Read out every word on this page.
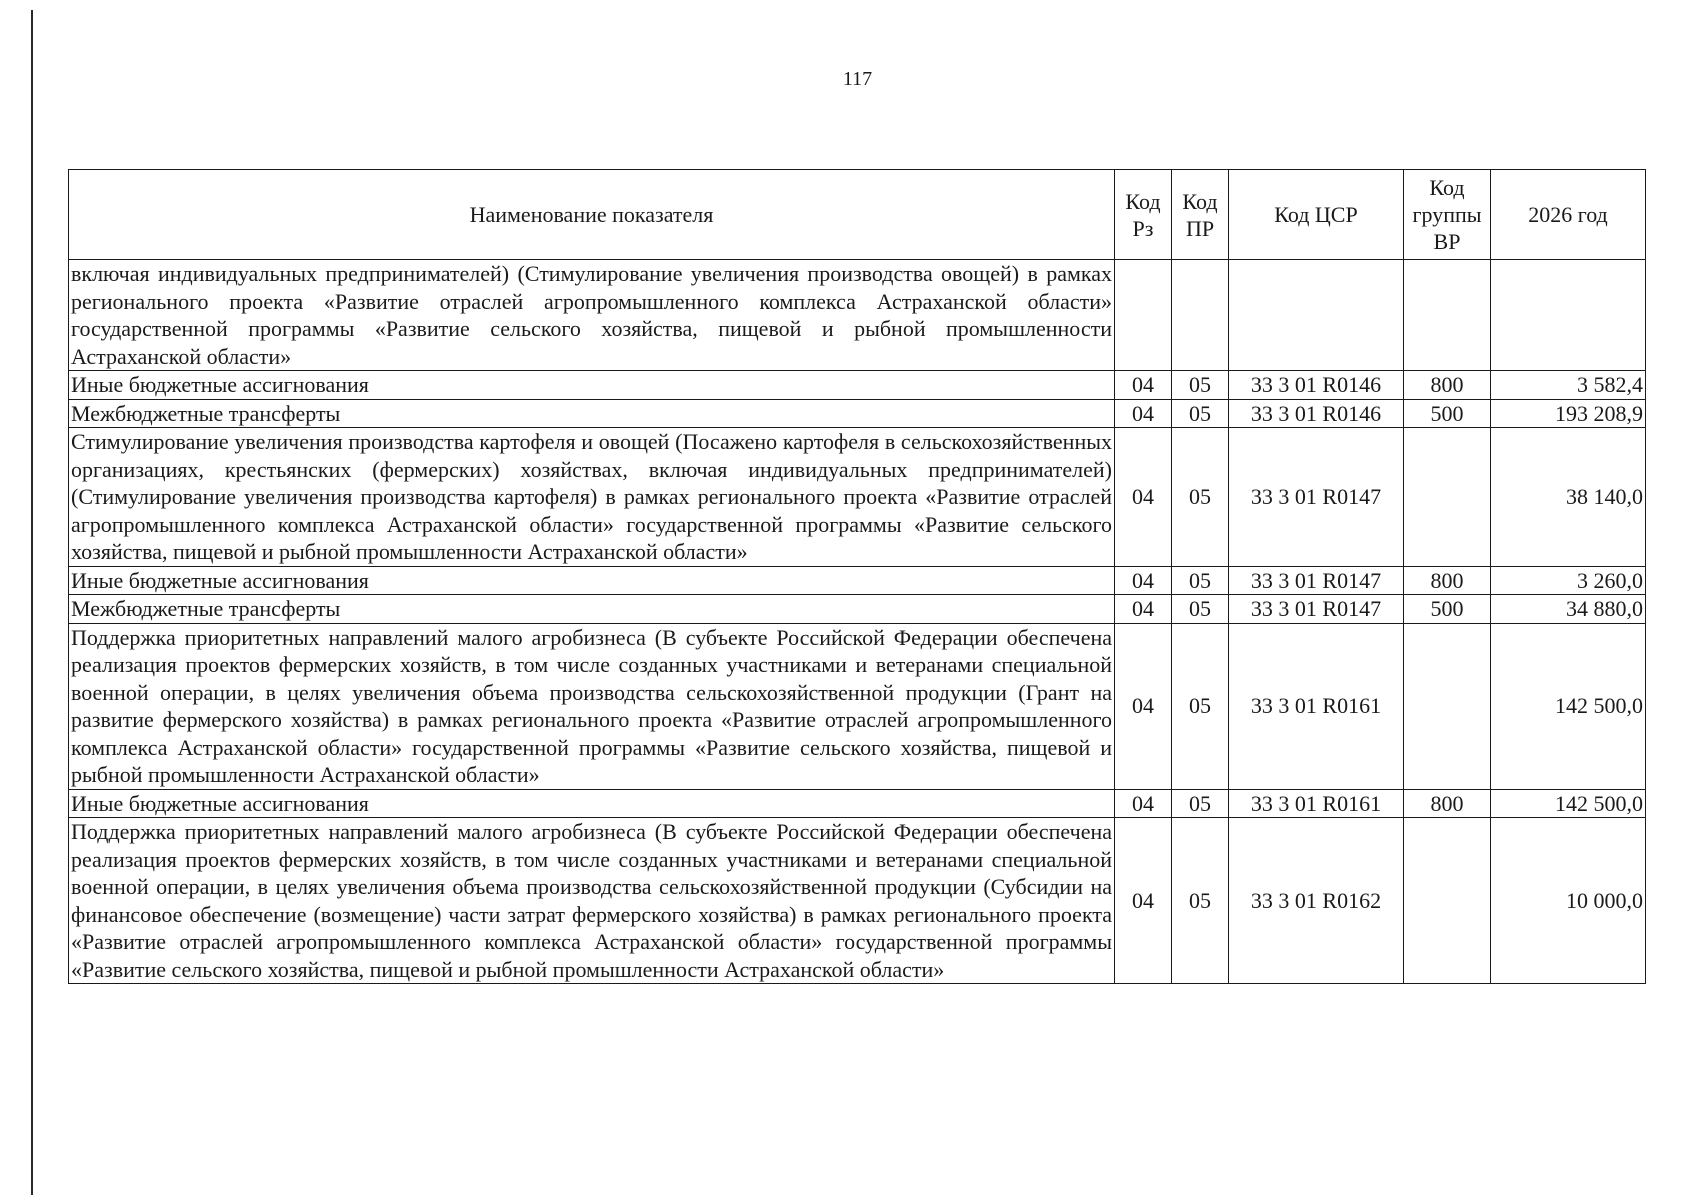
117
Наименование показателя	Код Рз	Код ПР	Код ЦСР	Код группы ВР	2026 год
включая индивидуальных предпринимателей) (Стимулирование увеличения производства овощей) в рамках регионального проекта «Развитие отраслей агропромышленного комплекса Астраханской области» государственной программы «Развитие сельского хозяйства, пищевой и рыбной промышленности Астраханской области»					
Иные бюджетные ассигнования	04	05	33 3 01 R0146	800	3 582,4
Межбюджетные трансферты	04	05	33 3 01 R0146	500	193 208,9
Стимулирование увеличения производства картофеля и овощей (Посажено картофеля в сельскохозяйственных организациях, крестьянских (фермерских) хозяйствах, включая индивидуальных предпринимателей) (Стимулирование увеличения производства картофеля) в рамках регионального проекта «Развитие отраслей агропромышленного комплекса Астраханской области» государственной программы «Развитие сельского хозяйства, пищевой и рыбной промышленности Астраханской области»	04	05	33 3 01 R0147		38 140,0
Иные бюджетные ассигнования	04	05	33 3 01 R0147	800	3 260,0
Межбюджетные трансферты	04	05	33 3 01 R0147	500	34 880,0
Поддержка приоритетных направлений малого агробизнеса (В субъекте Российской Федерации обеспечена реализация проектов фермерских хозяйств, в том числе созданных участниками и ветеранами специальной военной операции, в целях увеличения объема производства сельскохозяйственной продукции (Грант на развитие фермерского хозяйства) в рамках регионального проекта «Развитие отраслей агропромышленного комплекса Астраханской области» государственной программы «Развитие сельского хозяйства, пищевой и рыбной промышленности Астраханской области»	04	05	33 3 01 R0161		142 500,0
Иные бюджетные ассигнования	04	05	33 3 01 R0161	800	142 500,0
Поддержка приоритетных направлений малого агробизнеса (В субъекте Российской Федерации обеспечена реализация проектов фермерских хозяйств, в том числе созданных участниками и ветеранами специальной военной операции, в целях увеличения объема производства сельскохозяйственной продукции (Субсидии на финансовое обеспечение (возмещение) части затрат фермерского хозяйства) в рамках регионального проекта «Развитие отраслей агропромышленного комплекса Астраханской области» государственной программы «Развитие сельского хозяйства, пищевой и рыбной промышленности Астраханской области»	04	05	33 3 01 R0162		10 000,0
